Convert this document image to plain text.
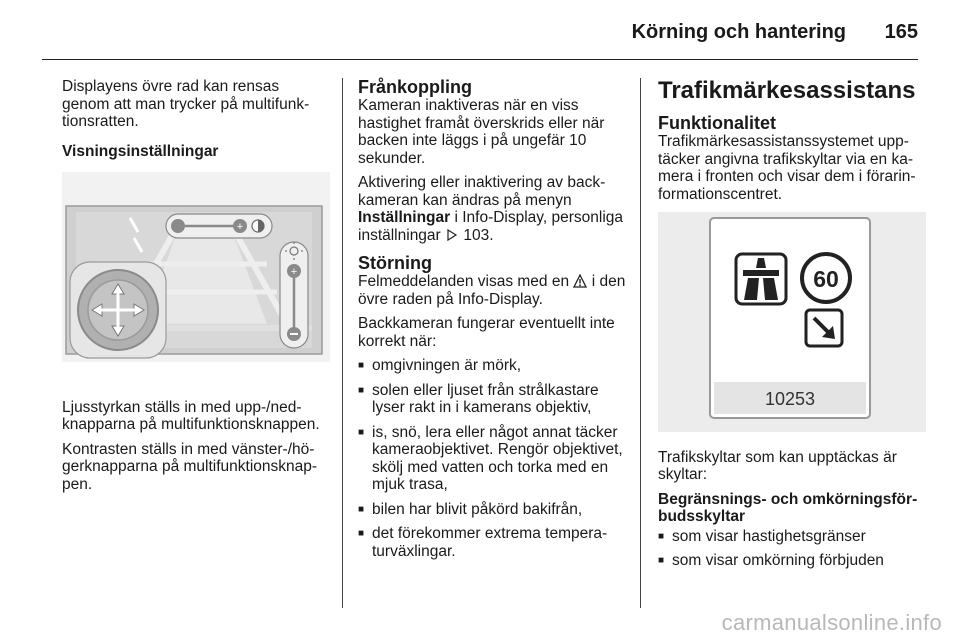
Körning och hantering 165

Displayens övre rad kan rensas genom att man trycker på multifunktionsratten.

Visningsinställningar
+
+

Ljusstyrkan ställs in med upp-/nedknapparna på multifunktionsknappen.

Kontrasten ställs in med vänster-/högerknapparna på multifunktionsknappen.

Frånkoppling

Kameran inaktiveras när en viss hastighet framåt överskrids eller när backen inte läggs i på ungefär 10 sekunder.

Aktivering eller inaktivering av backkameran kan ändras på menyn Inställningar i Info-Display, personliga inställningar  103.

Störning

Felmeddelanden visas med en i den övre raden på Info-Display.

Backkameran fungerar eventuellt inte korrekt när:

■ omgivningen är mörk,
■ solen eller ljuset från strålkastare lyser rakt in i kamerans objektiv,
■ is, snö, lera eller något annat täcker kameraobjektivet. Rengör objektivet, skölj med vatten och torka med en mjuk trasa,
■ bilen har blivit påkörd bakifrån,
■ det förekommer extrema temperaturväxlingar.
Trafikmärkesassistans
Funktionalitet

Trafikmärkesassistanssystemet upptäcker angivna trafikskyltar via en kamera i fronten och visar dem i förarinformationscentret.

60
10253

Trafikskyltar som kan upptäckas är skyltar:

Begränsnings- och omkörningsförbudsskyltar
■ som visar hastighetsgränser
■ som visar omkörning förbjuden
carmanualsonline.info
